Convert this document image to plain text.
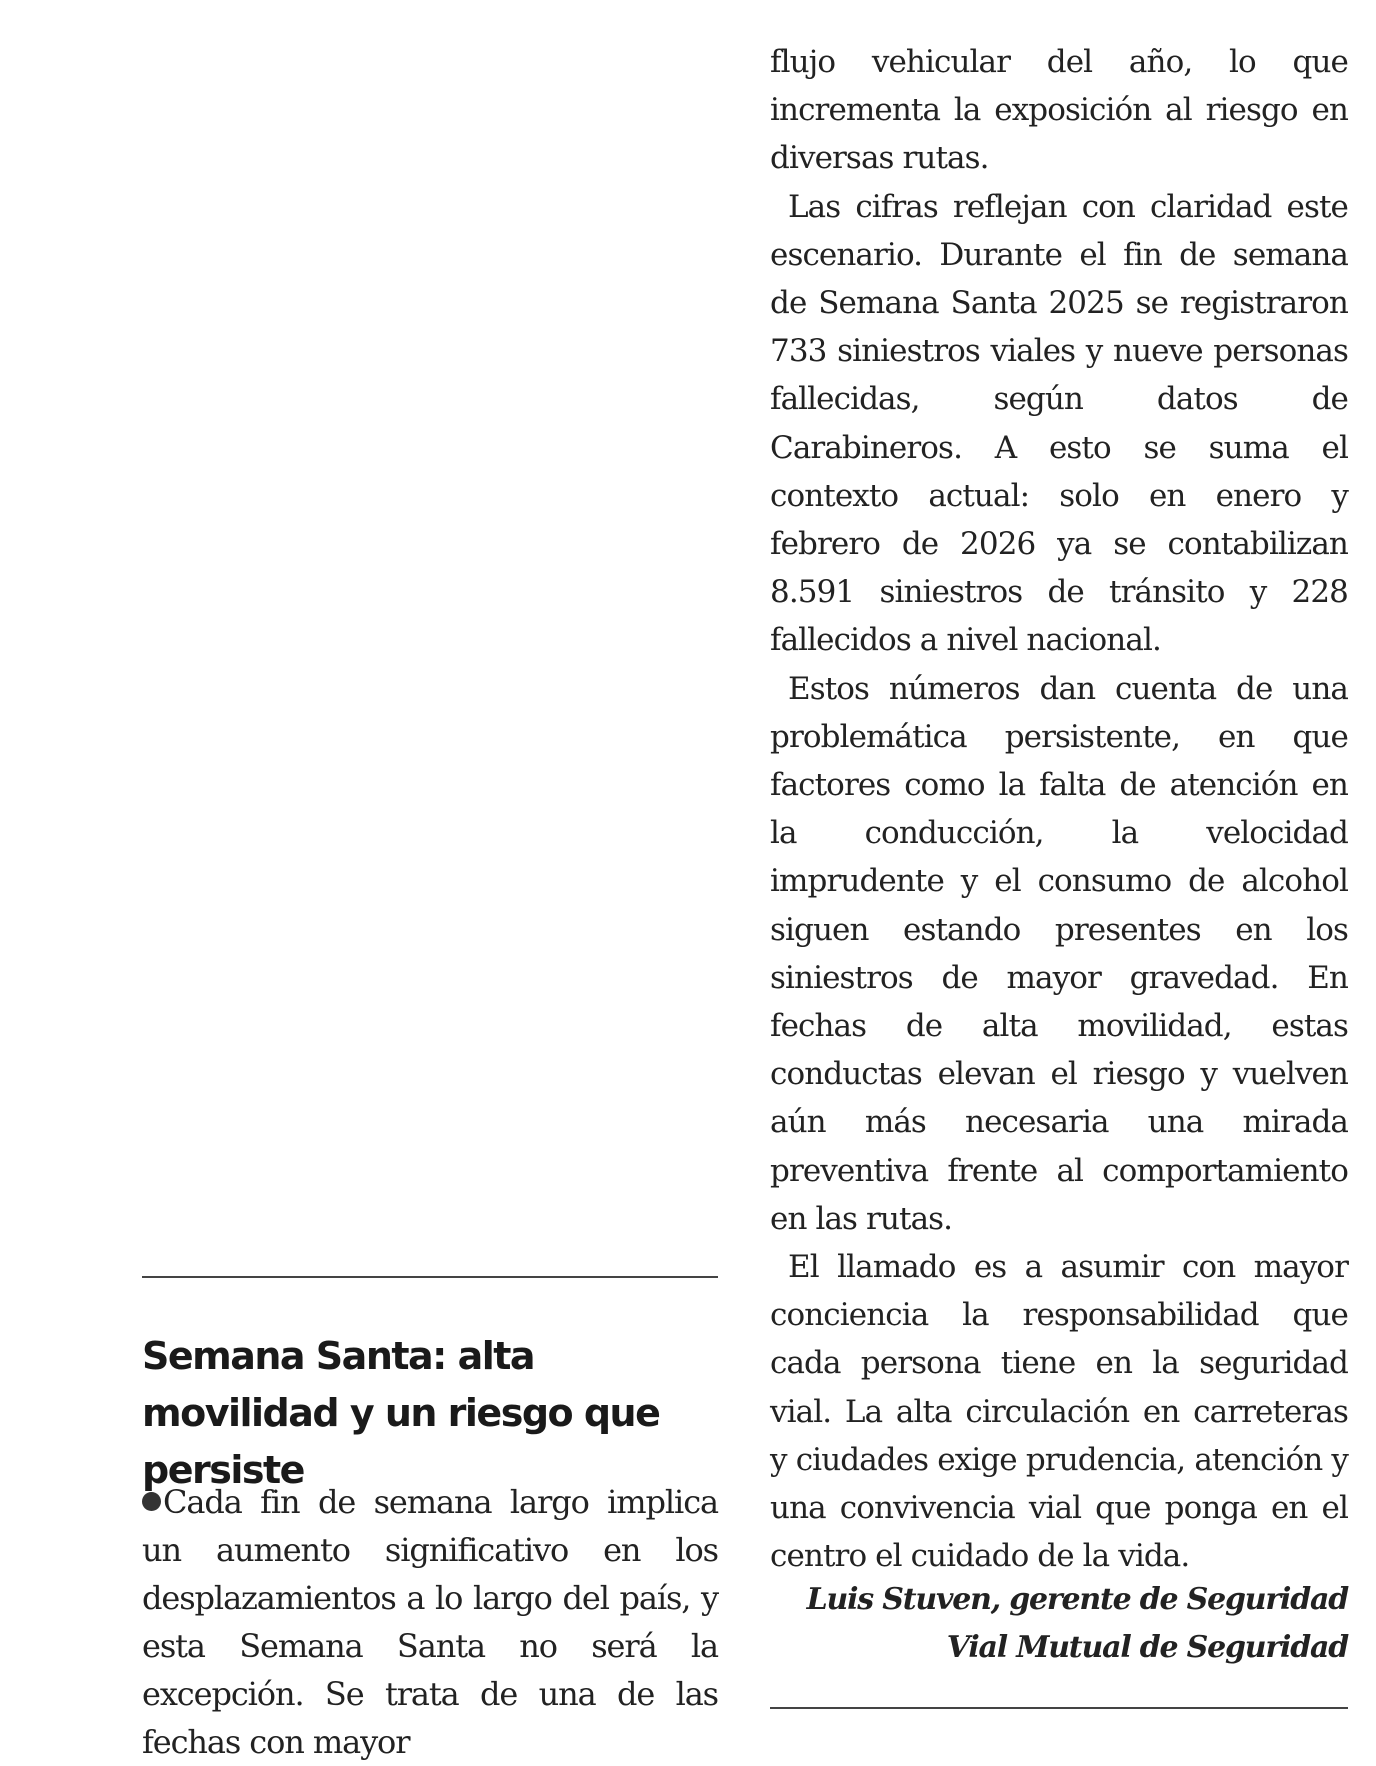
Semana Santa: alta movilidad y un riesgo que persiste

Cada fin de semana largo implica un aumento significativo en los desplazamientos a lo largo del país, y esta Semana Santa no será la excepción. Se trata de una de las fechas con mayor

flujo vehicular del año, lo que incrementa la exposición al riesgo en diversas rutas.

Las cifras reflejan con claridad este escenario. Durante el fin de semana de Semana Santa 2025 se registraron 733 siniestros viales y nueve personas fallecidas, según datos de Carabineros. A esto se suma el contexto actual: solo en enero y febrero de 2026 ya se contabilizan 8.591 siniestros de tránsito y 228 fallecidos a nivel nacional.

Estos números dan cuenta de una problemática persistente, en que factores como la falta de atención en la conducción, la velocidad imprudente y el consumo de alcohol siguen estando presentes en los siniestros de mayor gravedad. En fechas de alta movilidad, estas conductas elevan el riesgo y vuelven aún más necesaria una mirada preventiva frente al comportamiento en las rutas.

El llamado es a asumir con mayor conciencia la responsabilidad que cada persona tiene en la seguridad vial. La alta circulación en carreteras y ciudades exige prudencia, atención y una convivencia vial que ponga en el centro el cuidado de la vida.

Luis Stuven, gerente de Seguridad
Vial Mutual de Seguridad
